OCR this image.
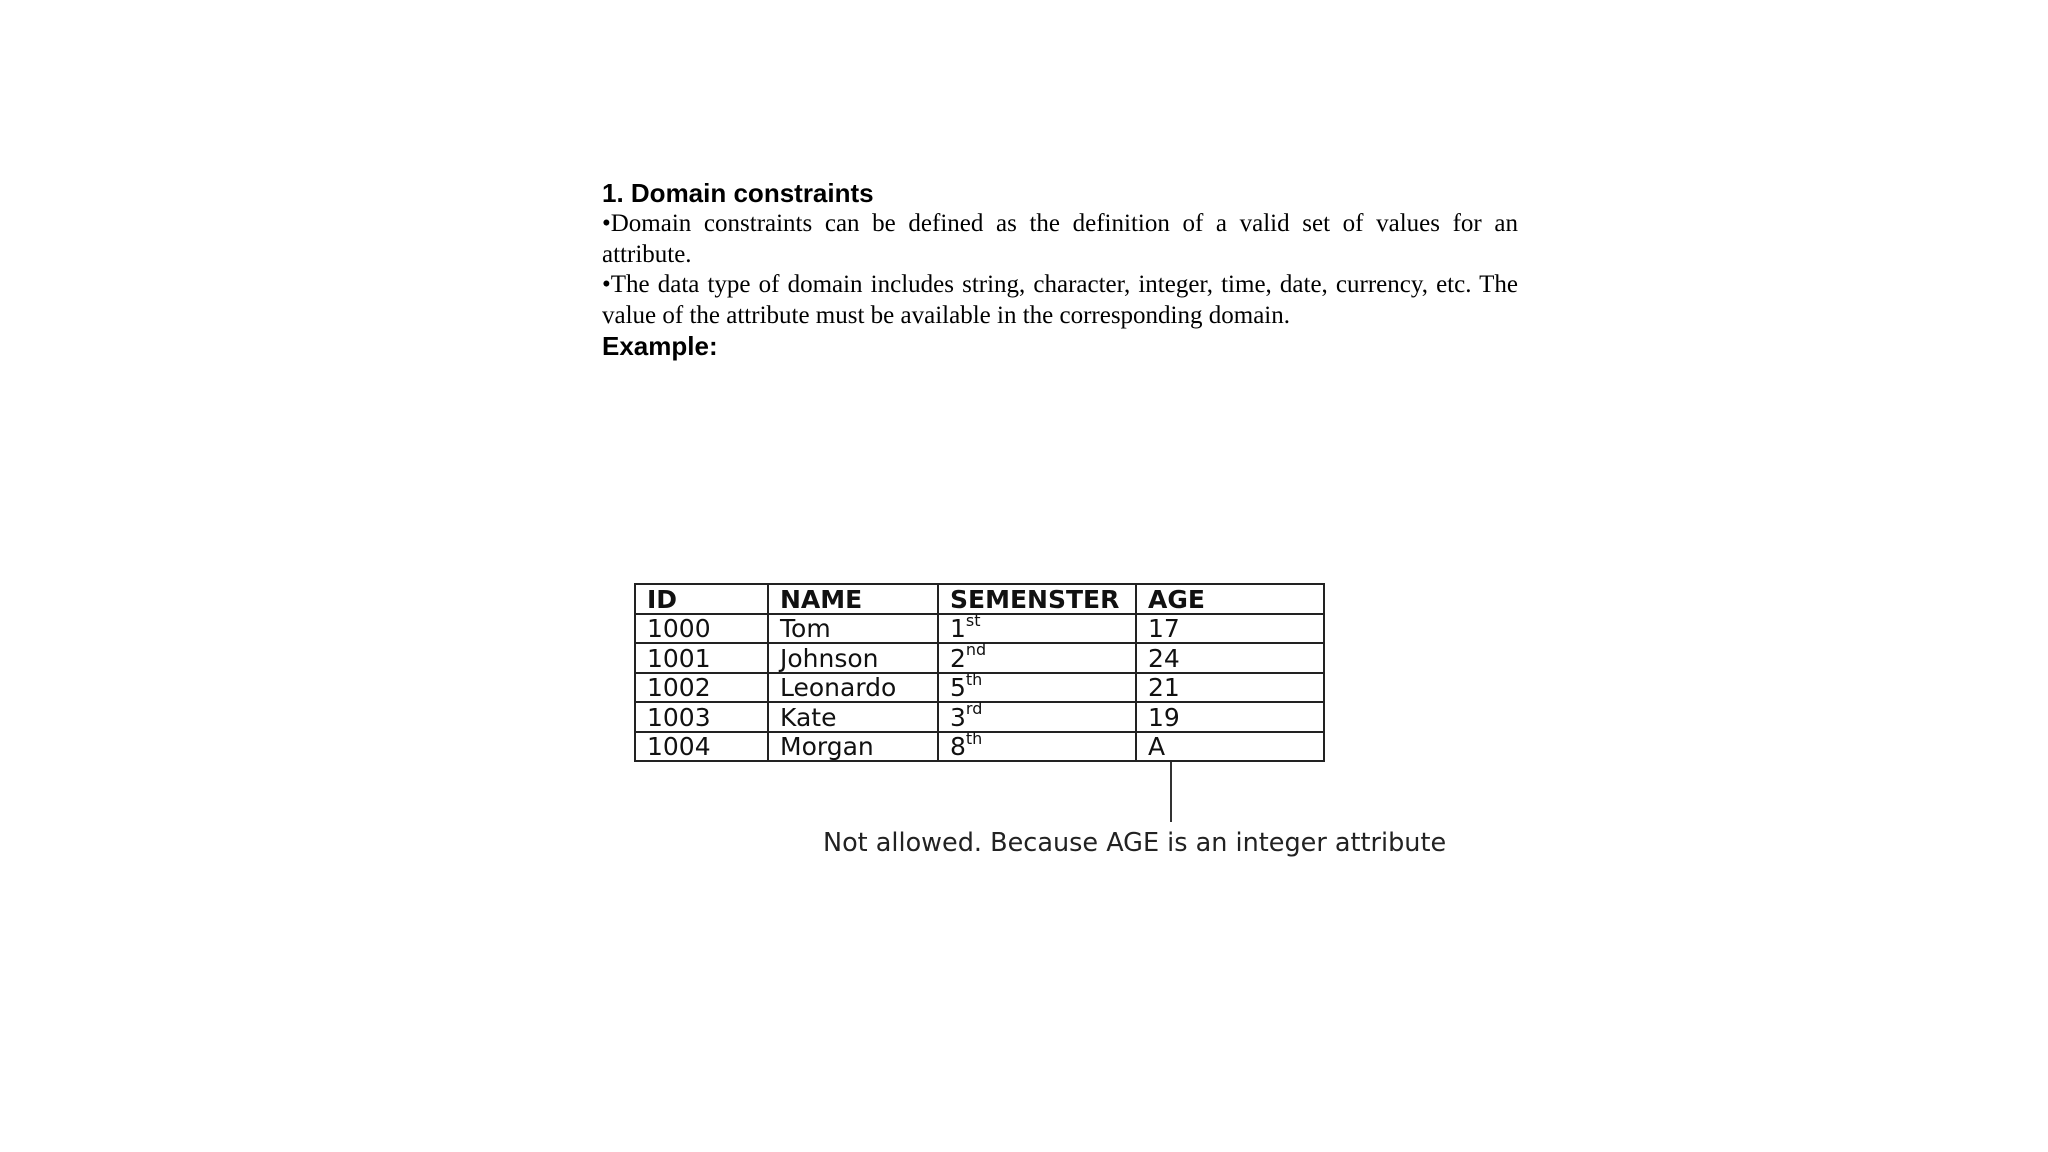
1. Domain constraints

•Domain constraints can be defined as the definition of a valid set of values for an attribute.

•The data type of domain includes string, character, integer, time, date, currency, etc. The value of the attribute must be available in the corresponding domain.

Example:

ID	NAME	SEMENSTER	AGE
1000	Tom	1st	17
1001	Johnson	2nd	24
1002	Leonardo	5th	21
1003	Kate	3rd	19
1004	Morgan	8th	A
Not allowed. Because AGE is an integer attribute
